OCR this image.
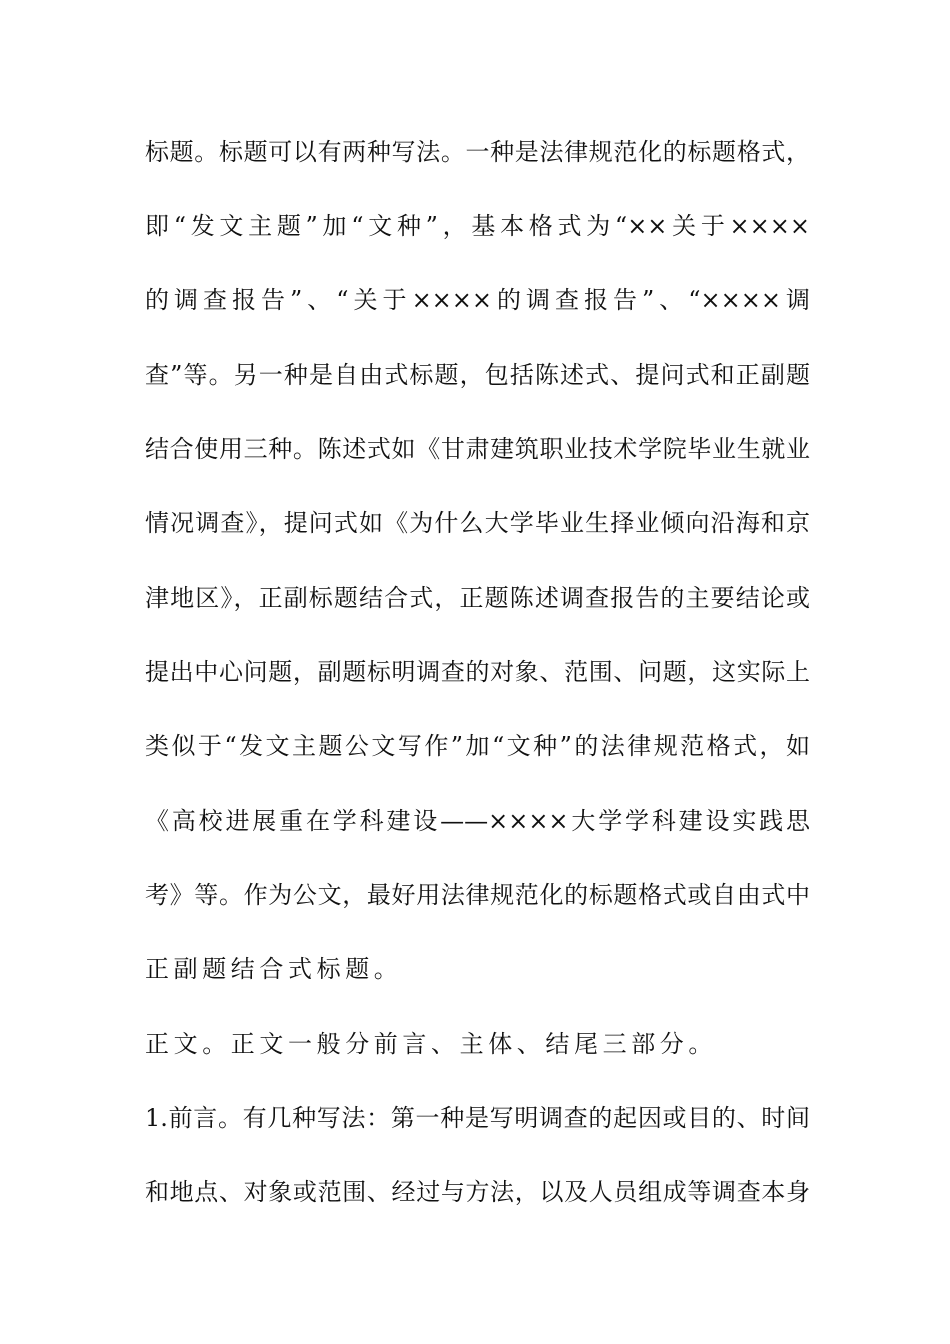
标题。标题可以有两种写法。一种是法律规范化的标题格式，
即“发文主题”加“文种”，基本格式为“××关于××××
的调查报告”、“关于××××的调查报告”、“××××调
查”等。另一种是自由式标题，包括陈述式、提问式和正副题
结合使用三种。陈述式如《甘肃建筑职业技术学院毕业生就业
情况调查》，提问式如《为什么大学毕业生择业倾向沿海和京
津地区》，正副标题结合式，正题陈述调查报告的主要结论或
提出中心问题，副题标明调查的对象、范围、问题，这实际上
类似于“发文主题公文写作”加“文种”的法律规范格式，如
《高校进展重在学科建设——××××大学学科建设实践思
考》等。作为公文，最好用法律规范化的标题格式或自由式中
正副题结合式标题。
正文。正文一般分前言、主体、结尾三部分。
1.前言。有几种写法：第一种是写明调查的起因或目的、时间
和地点、对象或范围、经过与方法，以及人员组成等调查本身
